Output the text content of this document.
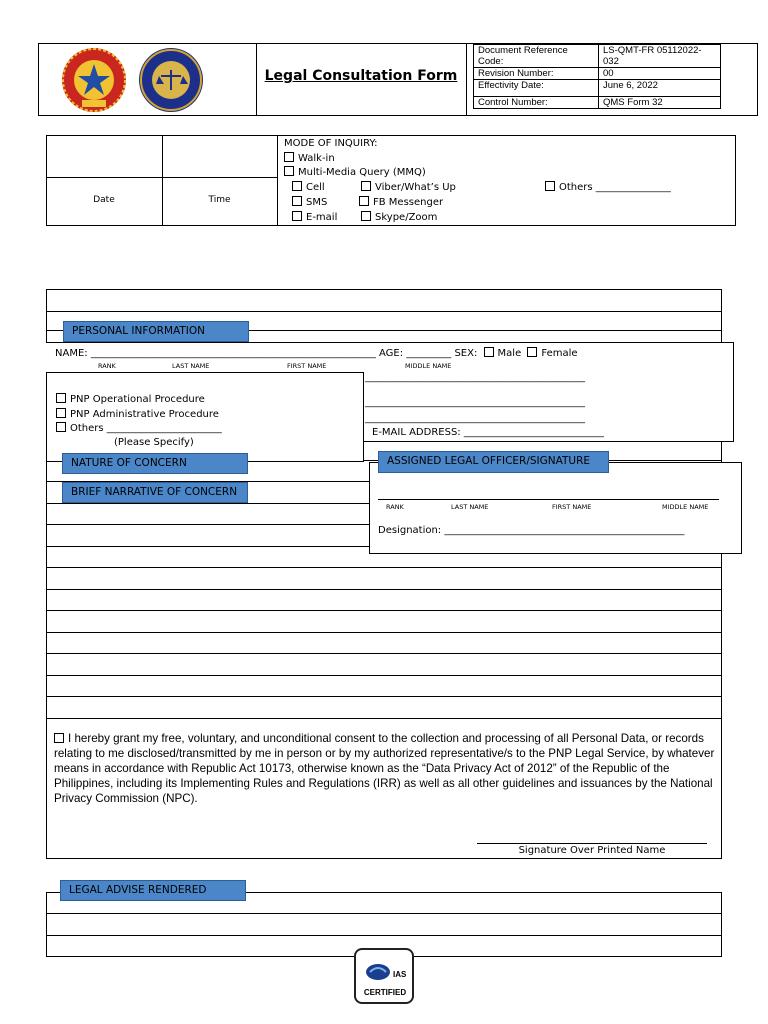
Legal Consultation Form
Document Reference Code:	LS-QMT-FR 05112022-032
Revision Number:	00
Effectivity Date:	June 6, 2022
Control Number:	QMS Form 32
Date	Time
MODE OF INQUIRY:
Walk-in
Multi-Media Query (MMQ)
Cell	Viber/What’s Up	Others _______________
SMS	FB Messenger
E-mail	Skype/Zoom
PERSONAL INFORMATION
NAME: _________________________________________________________ AGE: _________ SEX: Male Female
RANK	LAST NAME	FIRST NAME	MIDDLE NAME
____________________________________________
____________________________________________
____________________________________________
E-MAIL ADDRESS: ____________________________
PNP Operational Procedure
PNP Administrative Procedure
Others _______________________
(Please Specify)
NATURE OF CONCERN
BRIEF NARRATIVE OF CONCERN
ASSIGNED LEGAL OFFICER/SIGNATURE
RANK	LAST NAME	FIRST NAME	MIDDLE NAME
Designation: ________________________________________________
I hereby grant my free, voluntary, and unconditional consent to the collection and processing of all Personal Data, or records relating to me disclosed/transmitted by me in person or by my authorized representative/s to the PNP Legal Service, by whatever means in accordance with Republic Act 10173, otherwise known as the “Data Privacy Act of 2012” of the Republic of the Philippines, including its Implementing Rules and Regulations (IRR) as well as all other guidelines and issuances by the National Privacy Commission (NPC).
Signature Over Printed Name
LEGAL ADVISE RENDERED
IAS
CERTIFIED
